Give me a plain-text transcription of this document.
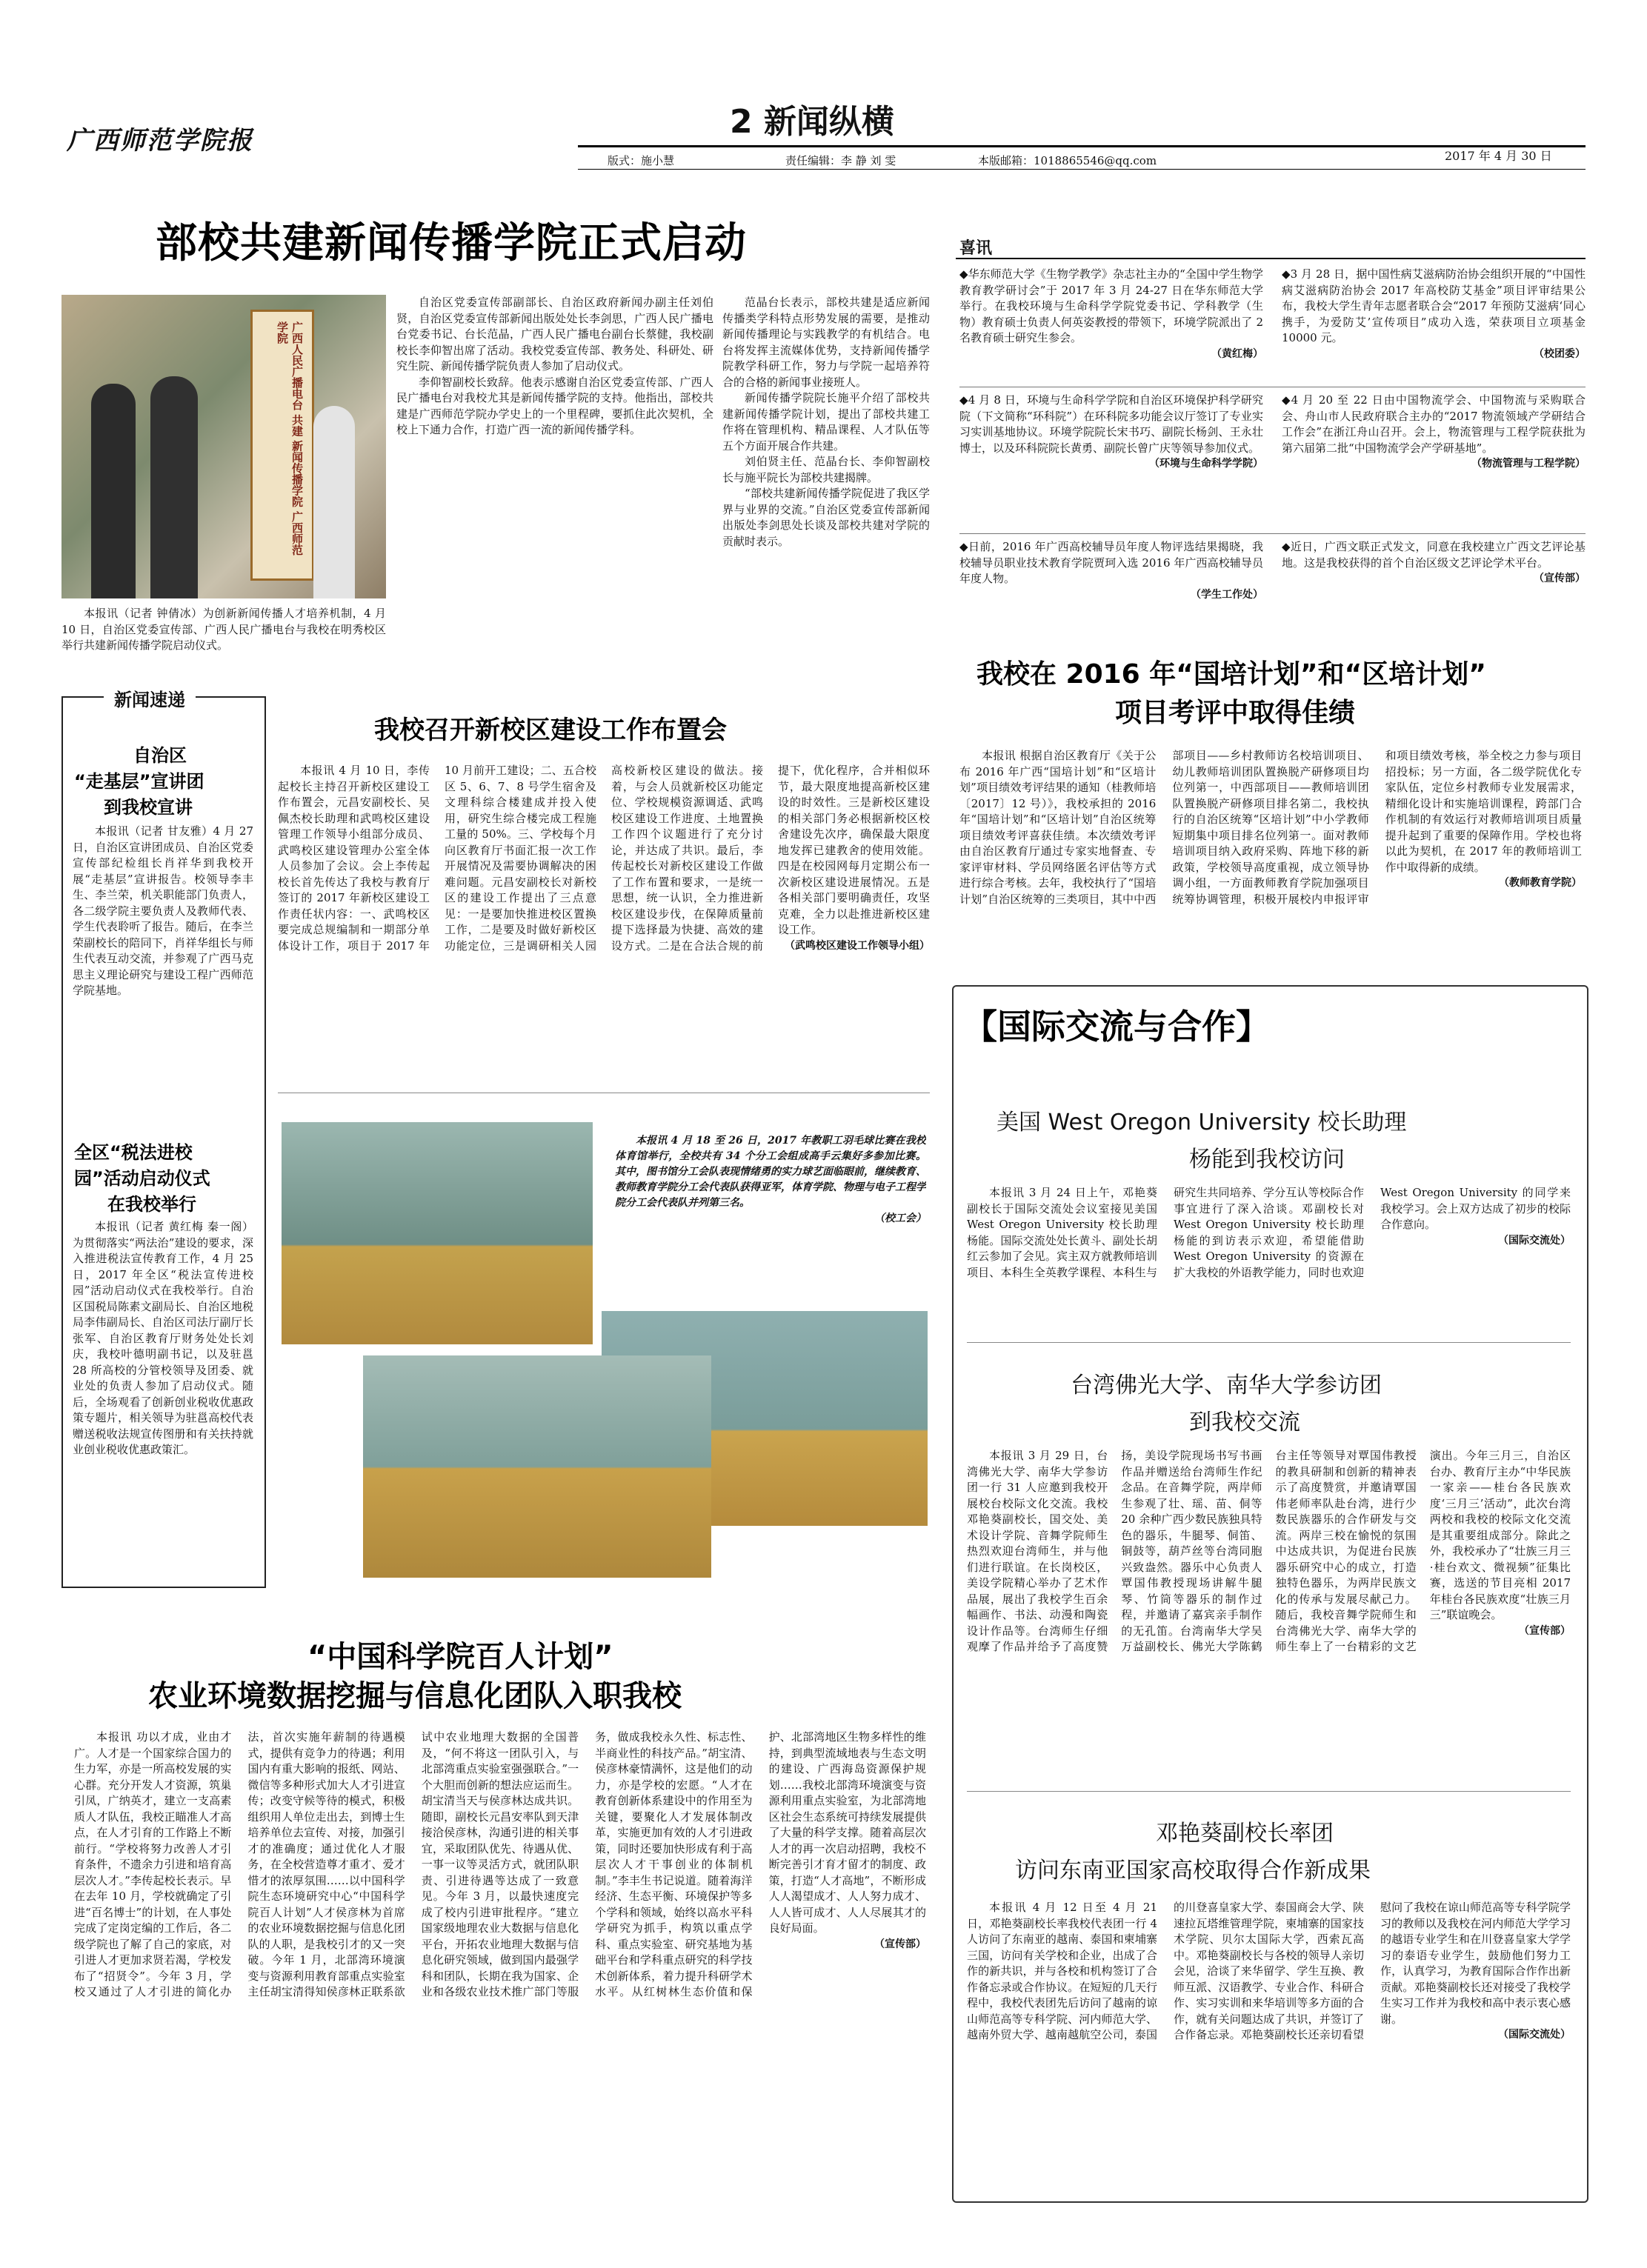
广西师范学院报	2 新闻纵横
版式：施小慧	责任编辑：李 静 刘 雯	本版邮箱：1018865546@qq.com	2017 年 4 月 30 日
部校共建新闻传播学院正式启动
广西人民广播电台 共建 新闻传播学院 广西师范学院

本报讯（记者 钟倩冰）为创新新闻传播人才培养机制，4 月 10 日，自治区党委宣传部、广西人民广播电台与我校在明秀校区举行共建新闻传播学院启动仪式。

自治区党委宣传部副部长、自治区政府新闻办副主任刘伯贤，自治区党委宣传部新闻出版处处长李剑思，广西人民广播电台党委书记、台长范晶，广西人民广播电台副台长蔡健，我校副校长李仰智出席了活动。我校党委宣传部、教务处、科研处、研究生院、新闻传播学院负责人参加了启动仪式。

李仰智副校长致辞。他表示感谢自治区党委宣传部、广西人民广播电台对我校尤其是新闻传播学院的支持。他指出，部校共建是广西师范学院办学史上的一个里程碑，要抓住此次契机，全校上下通力合作，打造广西一流的新闻传播学科。

范晶台长表示，部校共建是适应新闻传播类学科特点形势发展的需要，是推动新闻传播理论与实践教学的有机结合。电台将发挥主流媒体优势，支持新闻传播学院教学科研工作，努力与学院一起培养符合的合格的新闻事业接班人。

新闻传播学院院长施平介绍了部校共建新闻传播学院计划，提出了部校共建工作将在管理机构、精品课程、人才队伍等五个方面开展合作共建。

刘伯贤主任、范晶台长、李仰智副校长与施平院长为部校共建揭牌。

“部校共建新闻传播学院促进了我区学界与业界的交流。”自治区党委宣传部新闻出版处李剑思处长谈及部校共建对学院的贡献时表示。

喜讯
◆华东师范大学《生物学教学》杂志社主办的“全国中学生物学教育教学研讨会”于 2017 年 3 月 24-27 日在华东师范大学举行。在我校环境与生命科学学院党委书记、学科教学（生物）教育硕士负责人何英姿教授的带领下，环境学院派出了 2 名教育硕士研究生参会。
（黄红梅）
◆3 月 28 日，据中国性病艾滋病防治协会组织开展的“中国性病艾滋病防治协会 2017 年高校防艾基金”项目评审结果公布，我校大学生青年志愿者联合会“2017 年预防艾滋病‘同心携手，为爱防艾’宣传项目”成功入选，荣获项目立项基金 10000 元。
（校团委）
◆4 月 8 日，环境与生命科学学院和自治区环境保护科学研究院（下文简称“环科院”）在环科院多功能会议厅签订了专业实习实训基地协议。环境学院院长宋书巧、副院长杨剑、王永壮博士，以及环科院院长黄勇、副院长曾广庆等领导参加仪式。
（环境与生命科学学院）
◆4 月 20 至 22 日由中国物流学会、中国物流与采购联合会、舟山市人民政府联合主办的“2017 物流领域产学研结合工作会”在浙江舟山召开。会上，物流管理与工程学院获批为第六届第二批“中国物流学会产学研基地”。
（物流管理与工程学院）
◆日前，2016 年广西高校辅导员年度人物评选结果揭晓，我校辅导员职业技术教育学院贾珂入选 2016 年广西高校辅导员年度人物。
（学生工作处）
◆近日，广西文联正式发文，同意在我校建立广西文艺评论基地。这是我校获得的首个自治区级文艺评论学术平台。
（宣传部）
我校在 2016 年“国培计划”和“区培计划”
项目考评中取得佳绩

本报讯 根据自治区教育厅《关于公布 2016 年广西“国培计划”和“区培计划”项目绩效考评结果的通知（桂教师培〔2017〕12 号）》，我校承担的 2016 年“国培计划”和“区培计划”自治区统筹项目绩效考评喜获佳绩。本次绩效考评由自治区教育厅通过专家实地督查、专家评审材料、学员网络匿名评估等方式进行综合考核。去年，我校执行了“国培计划”自治区统筹的三类项目，其中中西部项目——乡村教师访名校培训项目、幼儿教师培训团队置换脱产研修项目均位列第一，中西部项目——教师培训团队置换脱产研修项目排名第二，我校执行的自治区统筹“区培计划”中小学教师短期集中项目排名位列第一。面对教师培训项目纳入政府采购、阵地下移的新政策，学校领导高度重视，成立领导协调小组，一方面教师教育学院加强项目统筹协调管理，积极开展校内申报评审和项目绩效考核，举全校之力参与项目招投标；另一方面，各二级学院优化专家队伍，定位乡村教师专业发展需求，精细化设计和实施培训课程，跨部门合作机制的有效运行对教师培训项目质量提升起到了重要的保障作用。学校也将以此为契机，在 2017 年的教师培训工作中取得新的成绩。

（教师教育学院）
新闻速递
自治区
“走基层”宣讲团
到我校宣讲

本报讯（记者 甘友雅）4 月 27 日，自治区宣讲团成员、自治区党委宣传部纪检组长肖祥华到我校开展“走基层”宣讲报告。校领导李丰生、李兰荣，机关职能部门负责人，各二级学院主要负责人及教师代表、学生代表聆听了报告。随后，在李兰荣副校长的陪同下，肖祥华组长与师生代表互动交流，并参观了广西马克思主义理论研究与建设工程广西师范学院基地。

全区“税法进校
园”活动启动仪式
在我校举行

本报讯（记者 黄红梅 秦一阁）为贯彻落实“两法治”建设的要求，深入推进税法宣传教育工作，4 月 25 日，2017 年全区“税法宣传进校园”活动启动仪式在我校举行。自治区国税局陈素文副局长、自治区地税局李伟副局长、自治区司法厅副厅长张军、自治区教育厅财务处处长刘庆，我校叶德明副书记，以及驻邕 28 所高校的分管校领导及团委、就业处的负责人参加了启动仪式。随后，全场观看了创新创业税收优惠政策专题片，相关领导为驻邕高校代表赠送税收法规宣传图册和有关扶持就业创业税收优惠政策汇。

我校召开新校区建设工作布置会

本报讯 4 月 10 日，李传起校长主持召开新校区建设工作布置会，元昌安副校长、吴佩杰校长助理和武鸣校区建设管理工作领导小组部分成员、武鸣校区建设管理办公室全体人员参加了会议。会上李传起校长首先传达了我校与教育厅签订的 2017 年新校区建设工作责任状内容：一、武鸣校区要完成总规编制和一期部分单体设计工作，项目于 2017 年 10 月前开工建设；二、五合校区 5、6、7、8 号学生宿舍及文理科综合楼建成并投入使用，研究生综合楼完成工程施工量的 50%。三、学校每个月向区教育厅书面汇报一次工作开展情况及需要协调解决的困难问题。元昌安副校长对新校区的建设工作提出了三点意见：一是要加快推进校区置换工作，二是要及时做好新校区功能定位，三是调研相关人园高校新校区建设的做法。接着，与会人员就新校区功能定位、学校规模资源调适、武鸣校区建设工作进度、土地置换工作四个议题进行了充分讨论，并达成了共识。最后，李传起校长对新校区建设工作做了工作布置和要求，一是统一思想，统一认识，全力推进新校区建设步伐，在保障质量前提下选择最为快捷、高效的建设方式。二是在合法合规的前提下，优化程序，合并相似环节，最大限度地提高新校区建设的时效性。三是新校区建设的相关部门务必根据新校区校舍建设先次序，确保最大限度地发挥已建教舍的使用效能。四是在校园网每月定期公布一次新校区建设进展情况。五是各相关部门要明确责任，攻坚克难，全力以赴推进新校区建设工作。

（武鸣校区建设工作领导小组）

本报讯 4 月 18 至 26 日，2017 年教职工羽毛球比赛在我校体育馆举行，全校共有 34 个分工会组成高手云集好多参加比赛。其中，图书馆分工会队表现情绪勇的实力球艺面临眼前，继续教育、教师教育学院分工会代表队获得亚军，体育学院、物理与电子工程学院分工会代表队并列第三名。

（校工会）
“中国科学院百人计划”
农业环境数据挖掘与信息化团队入职我校

本报讯 功以才成，业由才广。人才是一个国家综合国力的生力军，亦是一所高校发展的实心群。充分开发人才资源，筑巢引凤，广纳英才，建立一支高素质人才队伍，我校正瞄准人才高点，在人才引育的工作路上不断前行。“学校将努力改善人才引育条件，不遗余力引进和培育高层次人才。”李传起校长表示。早在去年 10 月，学校就确定了引进“百名博士”的计划，在人事处完成了定岗定编的工作后，各二级学院也了解了自己的家底，对引进人才更加求贤若渴，学校发布了“招贤令”。今年 3 月，学校又通过了人才引进的简化办法，首次实施年薪制的待遇模式，提供有竞争力的待遇；利用国内有重大影响的报纸、网站、微信等多种形式加大人才引进宣传；改变守候等待的模式，积极组织用人单位走出去，到博士生培养单位去宣传、对接，加强引才的准确度；通过优化人才服务，在全校营造尊才重才、爱才惜才的浓厚氛围……以中国科学院生态环境研究中心“中国科学院百人计划”人才侯彦林为首席的农业环境数据挖掘与信息化团队的人职，是我校引才的又一突破。今年 1 月，北部湾环境演变与资源利用教育部重点实验室主任胡宝清得知侯彦林正联系欲试中农业地理大数据的全国普及，“何不将这一团队引入，与北部湾重点实验室强强联合。”一个大胆而创新的想法应运而生。胡宝清当天与侯彦林达成共识。随即，副校长元昌安率队到天津接洽侯彦林，沟通引进的相关事宜，采取团队优先、待遇从优、一事一议等灵活方式，就团队职责、引进待遇等达成了一致意见。今年 3 月，以最快速度完成了校内引进审批程序。“建立国家级地理农业大数据与信息化平台，开拓农业地理大数据与信息化研究领域，做到国内最强学科和团队，长期在我为国家、企业和各级农业技术推广部门等服务，做成我校永久性、标志性、半商业性的科技产品。”胡宝清、侯彦林豪情满怀，这是他们的动力，亦是学校的宏愿。“人才在教育创新体系建设中的作用至为关键，要聚化人才发展体制改革，实施更加有效的人才引进政策，同时还要加快形成有利于高层次人才干事创业的体制机制。”李丰生书记说道。随着海洋经济、生态平衡、环境保护等多个学科和领域，始终以高水平科学研究为抓手，构筑以重点学科、重点实验室、研究基地为基础平台和学科重点研究的科学技术创新体系，着力提升科研学术水平。从红树林生态价值和保护、北部湾地区生物多样性的维持，到典型流域地表与生态文明的建设、广西海岛资源保护规划……我校北部湾环境演变与资源利用重点实验室，为北部湾地区社会生态系统可持续发展提供了大量的科学支撑。随着高层次人才的再一次启动招聘，我校不断完善引才育才留才的制度、政策，打造“人才高地”，不断形成人人渴望成才、人人努力成才、人人皆可成才、人人尽展其才的良好局面。

（宣传部）
【国际交流与合作】
美国 West Oregon University 校长助理
杨能到我校访问

本报讯 3 月 24 日上午，邓艳葵副校长于国际交流处会议室接见美国 West Oregon University 校长助理杨能。国际交流处处长黄斗、副处长胡红云参加了会见。宾主双方就教师培训项目、本科生全英教学课程、本科生与研究生共同培养、学分互认等校际合作事宜进行了深入洽谈。邓副校长对 West Oregon University 校长助理杨能的到访表示欢迎，希望能借助 West Oregon University 的资源在扩大我校的外语教学能力，同时也欢迎 West Oregon University 的同学来我校学习。会上双方达成了初步的校际合作意向。

（国际交流处）
台湾佛光大学、南华大学参访团
到我校交流

本报讯 3 月 29 日，台湾佛光大学、南华大学参访团一行 31 人应邀到我校开展校台校际文化交流。我校邓艳葵副校长，国交处、美术设计学院、音舞学院师生热烈欢迎台湾师生，并与他们进行联谊。在长岗校区，美设学院精心举办了艺术作品展，展出了我校学生百余幅画作、书法、动漫和陶瓷设计作品等。台湾师生仔细观摩了作品并给予了高度赞扬，美设学院现场书写书画作品并赠送给台湾师生作纪念品。在音舞学院，两岸师生参观了壮、瑶、苗、侗等 20 余种广西少数民族独具特色的器乐，牛腿琴、侗笛、铜鼓等，葫芦丝等台湾同胞兴致盎然。器乐中心负责人覃国伟教授现场讲解牛腿琴、竹筒等器乐的制作过程，并邀请了嘉宾亲手制作的无孔笛。台湾南华大学吴万益副校长、佛光大学陈鹤台主任等领导对覃国伟教授的教具研制和创新的精神表示了高度赞赏，并邀请覃国伟老师率队赴台湾，进行少数民族器乐的合作研发与交流。两岸三校在愉悦的氛围中达成共识，为促进台民族器乐研究中心的成立，打造独特色器乐，为两岸民族文化的传承与发展尽献己力。随后，我校音舞学院师生和台湾佛光大学、南华大学的师生奉上了一台精彩的文艺演出。今年三月三，自治区台办、教育厅主办“中华民族一家亲——桂台各民族欢度‘三月三’活动”，此次台湾两校和我校的校际文化交流是其重要组成部分。除此之外，我校承办了“壮族三月三·桂台欢文、微视频”征集比赛，选送的节目亮相 2017 年桂台各民族欢度“壮族三月三”联谊晚会。

（宣传部）
邓艳葵副校长率团
访问东南亚国家高校取得合作新成果

本报讯 4 月 12 日至 4 月 21 日，邓艳葵副校长率我校代表团一行 4 人访问了东南亚的越南、泰国和柬埔寨三国，访问有关学校和企业，出成了合作的新共识，并与各校和机构签订了合作备忘录或合作协议。在短短的几天行程中，我校代表团先后访问了越南的谅山师范高等专科学院、河内师范大学、越南外贸大学、越南越航空公司，泰国的川登喜皇家大学、泰国商会大学、陕速拉瓦塔维管理学院，柬埔寨的国家技术学院、贝尔太国际大学，西索瓦高中。邓艳葵副校长与各校的领导人亲切会见，洽谈了来华留学、学生互换、教师互派、汉语教学、专业合作、科研合作、实习实训和来华培训等多方面的合作，就有关问题达成了共识，并签订了合作备忘录。邓艳葵副校长还亲切看望慰问了我校在谅山师范高等专科学院学习的教师以及我校在河内师范大学学习的越语专业学生和在川登喜皇家大学学习的泰语专业学生，鼓励他们努力工作，认真学习，为教育国际合作作出新贡献。邓艳葵副校长还对接受了我校学生实习工作并为我校和高中表示衷心感谢。

（国际交流处）
